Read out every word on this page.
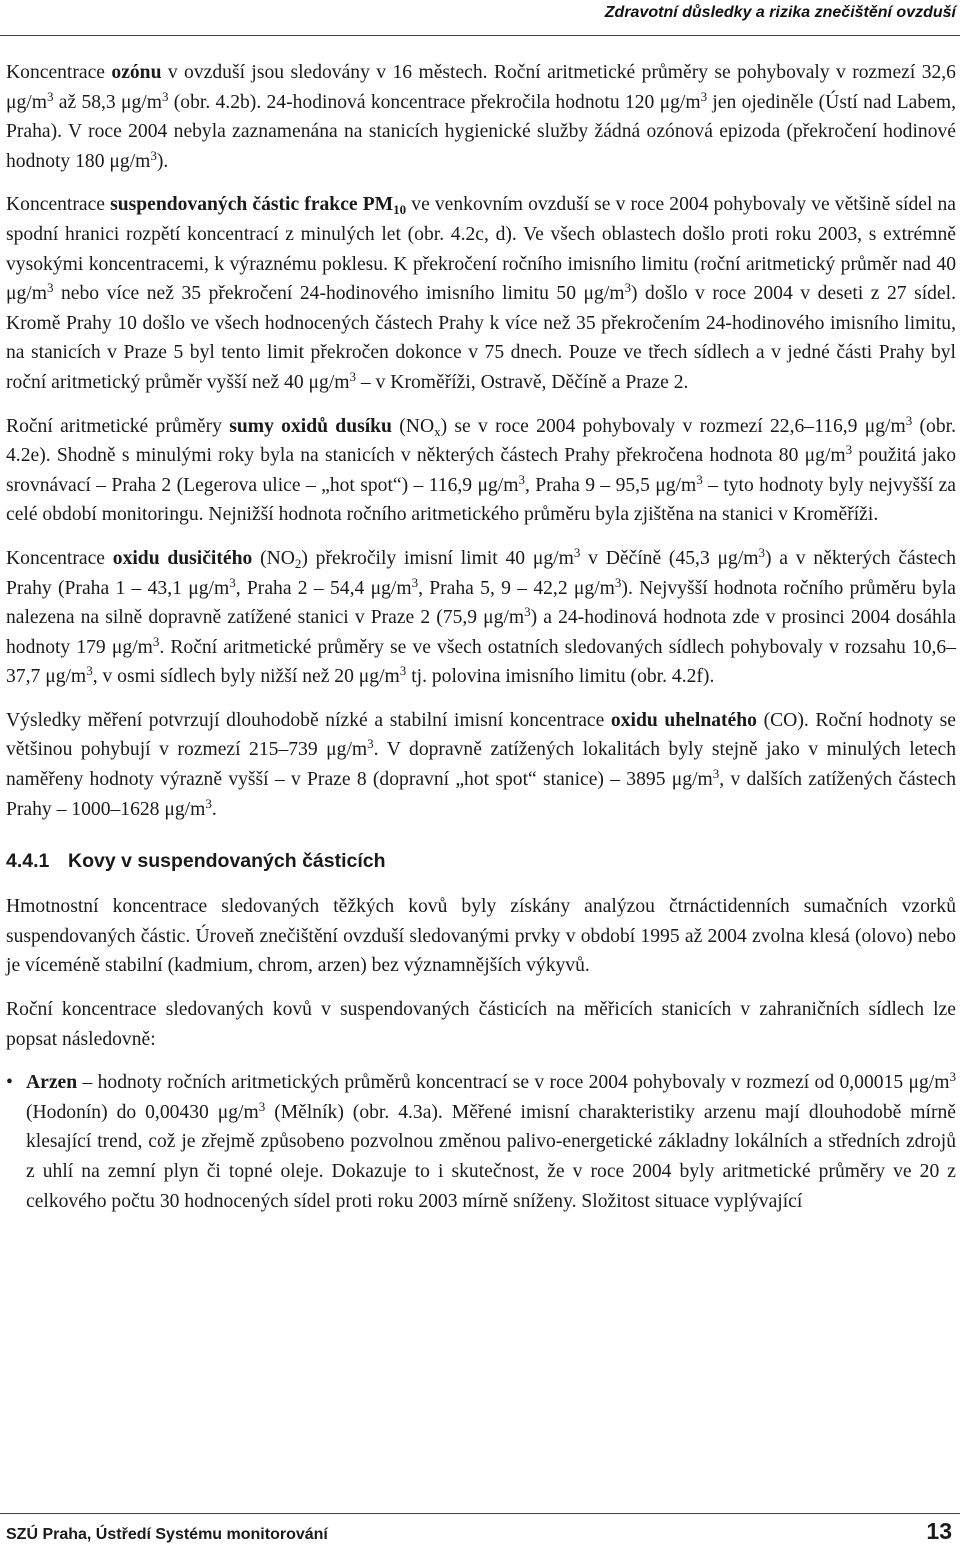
Zdravotní důsledky a rizika znečištění ovzduší

Koncentrace ozónu v ovzduší jsou sledovány v 16 městech. Roční aritmetické průměry se pohybovaly v rozmezí 32,6 $\mu g/m^3$ až 58,3 $\mu g/m^3$ (obr. 4.2b). 24-hodinová koncentrace překročila hodnotu 120 $\mu g/m^3$ jen ojediněle (Ústí nad Labem, Praha). V roce 2004 nebyla zaznamenána na stanicích hygienické služby žádná ozónová epizoda (překročení hodinové hodnoty 180 $\mu g/m^3$).

Koncentrace suspendovaných částic frakce $PM_{10}$ ve venkovním ovzduší se v roce 2004 pohybovaly ve většině sídel na spodní hranici rozpětí koncentrací z minulých let (obr. 4.2c, d). Ve všech oblastech došlo proti roku 2003, s extrémně vysokými koncentracemi, k výraznému poklesu. K překročení ročního imisního limitu (roční aritmetický průměr nad 40 $\mu g/m^3$ nebo více než 35 překročení 24-hodinového imisního limitu 50 $\mu g/m^3$) došlo v roce 2004 v deseti z 27 sídel. Kromě Prahy 10 došlo ve všech hodnocených částech Prahy k více než 35 překročením 24-hodinového imisního limitu, na stanicích v Praze 5 byl tento limit překročen dokonce v 75 dnech. Pouze ve třech sídlech a v jedné části Prahy byl roční aritmetický průměr vyšší než 40 $\mu g/m^3$ – v Kroměříži, Ostravě, Děčíně a Praze 2.

Roční aritmetické průměry sumy oxidů dusíku $(NO_x)$ se v roce 2004 pohybovaly v rozmezí 22,6–116,9 $\mu g/m^3$ (obr. 4.2e). Shodně s minulými roky byla na stanicích v některých částech Prahy překročena hodnota 80 $\mu g/m^3$ použitá jako srovnávací – Praha 2 (Legerova ulice – „hot spot“) – 116,9 $\mu g/m^3$, Praha 9 – 95,5 $\mu g/m^3$ – tyto hodnoty byly nejvyšší za celé období monitoringu. Nejnižší hodnota ročního aritmetického průměru byla zjištěna na stanici v Kroměříži.

Koncentrace oxidu dusičitého $(NO_2)$ překročily imisní limit 40 $\mu g/m^3$ v Děčíně (45,3 $\mu g/m^3$) a v některých částech Prahy (Praha 1 – 43,1 $\mu g/m^3$, Praha 2 – 54,4 $\mu g/m^3$, Praha 5, 9 – 42,2 $\mu g/m^3$). Nejvyšší hodnota ročního průměru byla nalezena na silně dopravně zatížené stanici v Praze 2 (75,9 $\mu g/m^3$) a 24-hodinová hodnota zde v prosinci 2004 dosáhla hodnoty 179 $\mu g/m^3$. Roční aritmetické průměry se ve všech ostatních sledovaných sídlech pohybovaly v rozsahu 10,6–37,7 $\mu g/m^3$, v osmi sídlech byly nižší než 20 $\mu g/m^3$ tj. polovina imisního limitu (obr. 4.2f).

Výsledky měření potvrzují dlouhodobě nízké a stabilní imisní koncentrace oxidu uhelnatého (CO). Roční hodnoty se většinou pohybují v rozmezí 215–739 $\mu g/m^3$. V dopravně zatížených lokalitách byly stejně jako v minulých letech naměřeny hodnoty výrazně vyšší – v Praze 8 (dopravní „hot spot“ stanice) – 3895 $\mu g/m^3$, v dalších zatížených částech Prahy – 1000–1628 $\mu g/m^3$.

4.4.1 Kovy v suspendovaných částicích

Hmotnostní koncentrace sledovaných těžkých kovů byly získány analýzou čtrnáctidenních sumačních vzorků suspendovaných částic. Úroveň znečištění ovzduší sledovanými prvky v období 1995 až 2004 zvolna klesá (olovo) nebo je víceméně stabilní (kadmium, chrom, arzen) bez významnějších výkyvů.

Roční koncentrace sledovaných kovů v suspendovaných částicích na měřicích stanicích v zahraničních sídlech lze popsat následovně:

• Arzen – hodnoty ročních aritmetických průměrů koncentrací se v roce 2004 pohybovaly v rozmezí od 0,00015 $\mu g/m^3$ (Hodonín) do 0,00430 $\mu g/m^3$ (Mělník) (obr. 4.3a). Měřené imisní charakteristiky arzenu mají dlouhodobě mírně klesající trend, což je zřejmě způsobeno pozvolnou změnou palivo-energetické základny lokálních a středních zdrojů z uhlí na zemní plyn či topné oleje. Dokazuje to i skutečnost, že v roce 2004 byly aritmetické průměry ve 20 z celkového počtu 30 hodnocených sídel proti roku 2003 mírně sníženy. Složitost situace vyplývající

SZÚ Praha, Ústředí Systému monitorování	13
